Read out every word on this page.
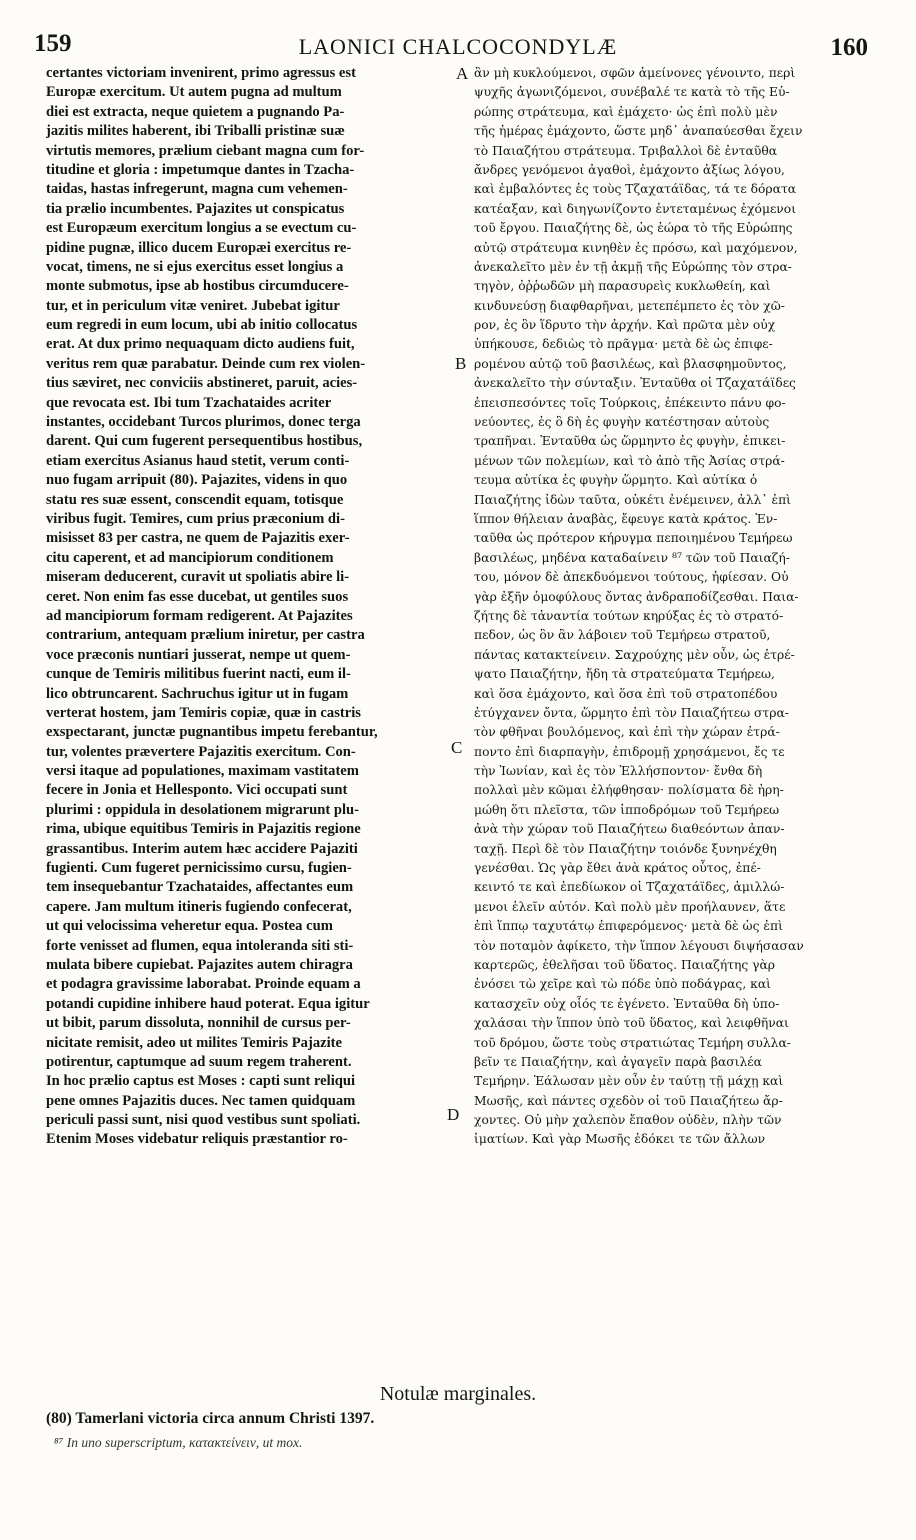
159	LAONICI CHALCOCONDYLÆ	160
certantes victoriam invenirent, primo agressus est
Europæ exercitum. Ut autem pugna ad multum
diei est extracta, neque quietem a pugnando Pa-
jazitis milites haberent, ibi Triballi pristinæ suæ
virtutis memores, prælium ciebant magna cum for-
titudine et gloria : impetumque dantes in Tzacha-
taidas, hastas infregerunt, magna cum vehemen-
tia prælio incumbentes. Pajazites ut conspicatus
est Europæum exercitum longius a se evectum cu-
pidine pugnæ, illico ducem Europæi exercitus re-
vocat, timens, ne si ejus exercitus esset longius a
monte submotus, ipse ab hostibus circumducere-
tur, et in periculum vitæ veniret. Jubebat igitur
eum regredi in eum locum, ubi ab initio collocatus
erat. At dux primo nequaquam dicto audiens fuit,
veritus rem quæ parabatur. Deinde cum rex violen-
tius sæviret, nec conviciis abstineret, paruit, acies-
que revocata est. Ibi tum Tzachataides acriter
instantes, occidebant Turcos plurimos, donec terga
darent. Qui cum fugerent persequentibus hostibus,
etiam exercitus Asianus haud stetit, verum conti-
nuo fugam arripuit (80). Pajazites, videns in quo
statu res suæ essent, conscendit equam, totisque
viribus fugit. Temires, cum prius præconium di-
misisset 83 per castra, ne quem de Pajazitis exer-
citu caperent, et ad mancipiorum conditionem
miseram deducerent, curavit ut spoliatis abire li-
ceret. Non enim fas esse ducebat, ut gentiles suos
ad mancipiorum formam redigerent. At Pajazites
contrarium, antequam prælium iniretur, per castra
voce præconis nuntiari jusserat, nempe ut quem-
cunque de Temiris militibus fuerint nacti, eum il-
lico obtruncarent. Sachruchus igitur ut in fugam
verterat hostem, jam Temiris copiæ, quæ in castris
exspectarant, junctæ pugnantibus impetu ferebantur,
tur, volentes prævertere Pajazitis exercitum. Con-
versi itaque ad populationes, maximam vastitatem
fecere in Jonia et Hellesponto. Vici occupati sunt
plurimi : oppidula in desolationem migrarunt plu-
rima, ubique equitibus Temiris in Pajazitis regione
grassantibus. Interim autem hæc accidere Pajaziti
fugienti. Cum fugeret pernicissimo cursu, fugien-
tem insequebantur Tzachataides, affectantes eum
capere. Jam multum itineris fugiendo confecerat,
ut qui velocissima veheretur equa. Postea cum
forte venisset ad flumen, equa intoleranda siti sti-
mulata bibere cupiebat. Pajazites autem chiragra
et podagra gravissime laborabat. Proinde equam a
potandi cupidine inhibere haud poterat. Equa igitur
ut bibit, parum dissoluta, nonnihil de cursus per-
nicitate remisit, adeo ut milites Temiris Pajazite
potirentur, captumque ad suum regem traherent.
In hoc prælio captus est Moses : capti sunt reliqui
pene omnes Pajazitis duces. Nec tamen quidquam
periculi passi sunt, nisi quod vestibus sunt spoliati.
Etenim Moses videbatur reliquis præstantior ro-
ἂν μὴ κυκλούμενοι, σφῶν ἀμείνονες γένοιντο, περὶ
ψυχῆς ἀγωνιζόμενοι, συνέβαλέ τε κατὰ τὸ τῆς Εὐ-
ρώπης στράτευμα, καὶ ἐμάχετο· ὡς ἐπὶ πολὺ μὲν
τῆς ἡμέρας ἐμάχοντο, ὥστε μηδ᾽ ἀναπαύεσθαι ἔχειν
τὸ Παιαζήτου στράτευμα. Τριβαλλοὶ δὲ ἐνταῦθα
ἄνδρες γενόμενοι ἀγαθοὶ, ἐμάχοντο ἀξίως λόγου,
καὶ ἐμβαλόντες ἐς τοὺς Τζαχατάϊδας, τά τε δόρατα
κατέαξαν, καὶ διηγωνίζοντο ἐντεταμένως ἐχόμενοι
τοῦ ἔργου. Παιαζήτης δὲ, ὡς ἑώρα τὸ τῆς Εὐρώπης
αὐτῷ στράτευμα κινηθὲν ἐς πρόσω, καὶ μαχόμενον,
ἀνεκαλεῖτο μὲν ἐν τῇ ἀκμῇ τῆς Εὐρώπης τὸν στρα-
τηγὸν, ὀῤῥωδῶν μὴ παρασυρεὶς κυκλωθείη, καὶ
κινδυνεύσῃ διαφθαρῆναι, μετεπέμπετο ἐς τὸν χῶ-
ρον, ἐς ὃν ἵδρυτο τὴν ἀρχήν. Καὶ πρῶτα μὲν οὐχ
ὑπήκουσε, δεδιὼς τὸ πρᾶγμα· μετὰ δὲ ὡς ἐπιφε-
ρομένου αὐτῷ τοῦ βασιλέως, καὶ βλασφημοῦντος,
ἀνεκαλεῖτο τὴν σύνταξιν. Ἐνταῦθα οἱ Τζαχατάϊδες
ἐπεισπεσόντες τοῖς Τούρκοις, ἐπέκειντο πάνυ φο-
νεύοντες, ἐς ὃ δὴ ἐς φυγὴν κατέστησαν αὐτοὺς
τραπῆναι. Ἐνταῦθα ὡς ὥρμηντο ἐς φυγὴν, ἐπικει-
μένων τῶν πολεμίων, καὶ τὸ ἀπὸ τῆς Ἀσίας στρά-
τευμα αὐτίκα ἐς φυγὴν ὥρμητο. Καὶ αὐτίκα ὁ
Παιαζήτης ἰδὼν ταῦτα, οὐκέτι ἐνέμεινεν, ἀλλ᾽ ἐπὶ
ἵππον θήλειαν ἀναβὰς, ἔφευγε κατὰ κράτος. Ἐν-
ταῦθα ὡς πρότερον κήρυγμα πεποιημένου Τεμήρεω
βασιλέως, μηδένα καταδαίνειν ⁸⁷ τῶν τοῦ Παιαζή-
του, μόνον δὲ ἀπεκδυόμενοι τούτους, ἠφίεσαν. Οὐ
γὰρ ἐξῆν ὁμοφύλους ὄντας ἀνδραποδίζεσθαι. Παια-
ζήτης δὲ τἀναντία τούτων κηρύξας ἐς τὸ στρατό-
πεδον, ὡς ὃν ἂν λάβοιεν τοῦ Τεμήρεω στρατοῦ,
πάντας κατακτείνειν. Σαχρούχης μὲν οὖν, ὡς ἐτρέ-
ψατο Παιαζήτην, ἤδη τὰ στρατεύματα Τεμήρεω,
καὶ ὅσα ἐμάχοντο, καὶ ὅσα ἐπὶ τοῦ στρατοπέδου
ἐτύγχανεν ὄντα, ὥρμητο ἐπὶ τὸν Παιαζήτεω στρα-
τὸν φθῆναι βουλόμενος, καὶ ἐπὶ τὴν χώραν ἐτρά-
ποντο ἐπὶ διαρπαγὴν, ἐπιδρομῇ χρησάμενοι, ἔς τε
τὴν Ἰωνίαν, καὶ ἐς τὸν Ἑλλήσποντον· ἔνθα δὴ
πολλαὶ μὲν κῶμαι ἐλήφθησαν· πολίσματα δὲ ἠρη-
μώθη ὅτι πλεῖστα, τῶν ἱπποδρόμων τοῦ Τεμήρεω
ἀνὰ τὴν χώραν τοῦ Παιαζήτεω διαθεόντων ἀπαν-
ταχῇ. Περὶ δὲ τὸν Παιαζήτην τοιόνδε ξυνηνέχθη
γενέσθαι. Ὡς γὰρ ἔθει ἀνὰ κράτος οὗτος, ἐπέ-
κειντό τε καὶ ἐπεδίωκον οἱ Τζαχατάϊδες, ἁμιλλώ-
μενοι ἑλεῖν αὐτόν. Καὶ πολὺ μὲν προήλαυνεν, ἅτε
ἐπὶ ἵππῳ ταχυτάτῳ ἐπιφερόμενος· μετὰ δὲ ὡς ἐπὶ
τὸν ποταμὸν ἀφίκετο, τὴν ἵππον λέγουσι διψήσασαν
καρτερῶς, ἐθελῆσαι τοῦ ὕδατος. Παιαζήτης γὰρ
ἐνόσει τὼ χεῖρε καὶ τὼ πόδε ὑπὸ ποδάγρας, καὶ
κατασχεῖν οὐχ οἷός τε ἐγένετο. Ἐνταῦθα δὴ ὑπο-
χαλάσαι τὴν ἵππον ὑπὸ τοῦ ὕδατος, καὶ λειφθῆναι
τοῦ δρόμου, ὥστε τοὺς στρατιώτας Τεμήρη συλλα-
βεῖν τε Παιαζήτην, καὶ ἀγαγεῖν παρὰ βασιλέα
Τεμήρην. Ἑάλωσαν μὲν οὖν ἐν ταύτῃ τῇ μάχῃ καὶ
Μωσῆς, καὶ πάντες σχεδὸν οἱ τοῦ Παιαζήτεω ἄρ-
χοντες. Οὐ μὴν χαλεπὸν ἔπαθον οὐδὲν, πλὴν τῶν
ἱματίων. Καὶ γὰρ Μωσῆς ἐδόκει τε τῶν ἄλλων
A
B
C
D
Notulæ marginales.
(80) Tamerlani victoria circa annum Christi 1397.
⁸⁷ In uno superscriptum, κατακτείνειν, ut mox.
